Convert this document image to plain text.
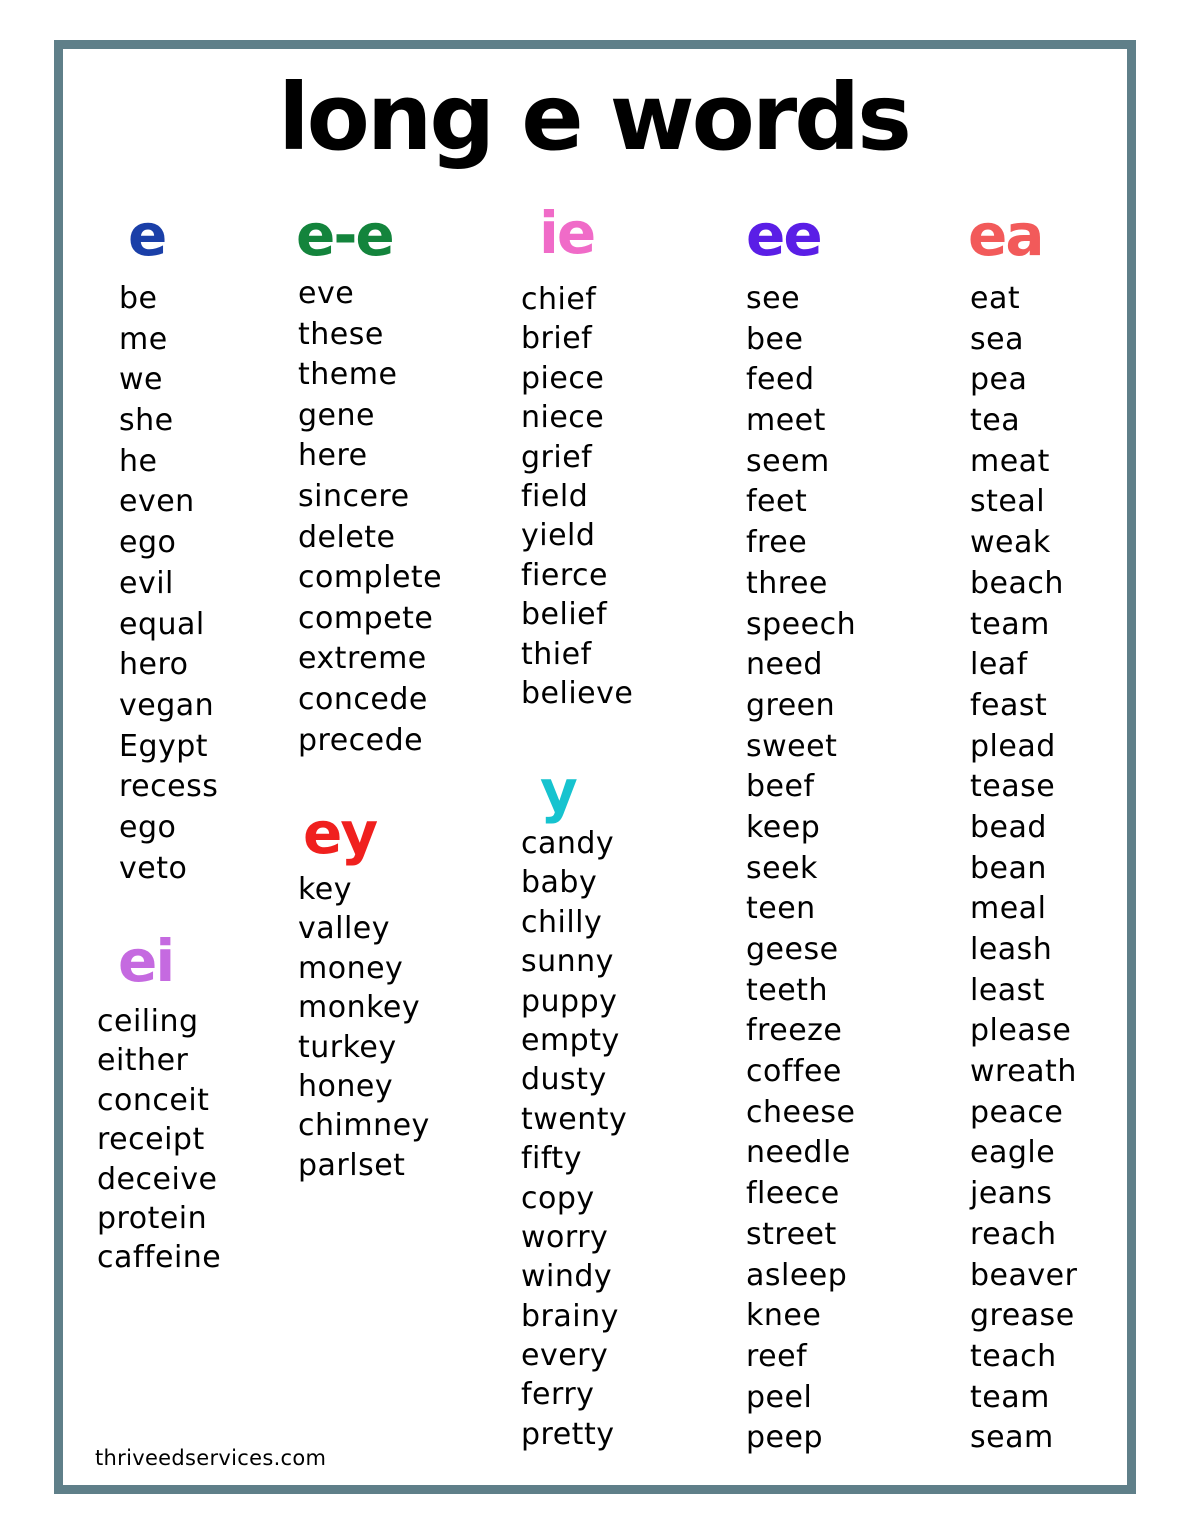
long e words
e
be
me
we
she
he
even
ego
evil
equal
hero
vegan
Egypt
recess
ego
veto
ei
ceiling
either
conceit
receipt
deceive
protein
caffeine
e-e
eve
these
theme
gene
here
sincere
delete
complete
compete
extreme
concede
precede
ey
key
valley
money
monkey
turkey
honey
chimney
parlset
ie
chief
brief
piece
niece
grief
field
yield
fierce
belief
thief
believe
y
candy
baby
chilly
sunny
puppy
empty
dusty
twenty
fifty
copy
worry
windy
brainy
every
ferry
pretty
ee
see
bee
feed
meet
seem
feet
free
three
speech
need
green
sweet
beef
keep
seek
teen
geese
teeth
freeze
coffee
cheese
needle
fleece
street
asleep
knee
reef
peel
peep
ea
eat
sea
pea
tea
meat
steal
weak
beach
team
leaf
feast
plead
tease
bead
bean
meal
leash
least
please
wreath
peace
eagle
jeans
reach
beaver
grease
teach
team
seam
thriveedservices.com
